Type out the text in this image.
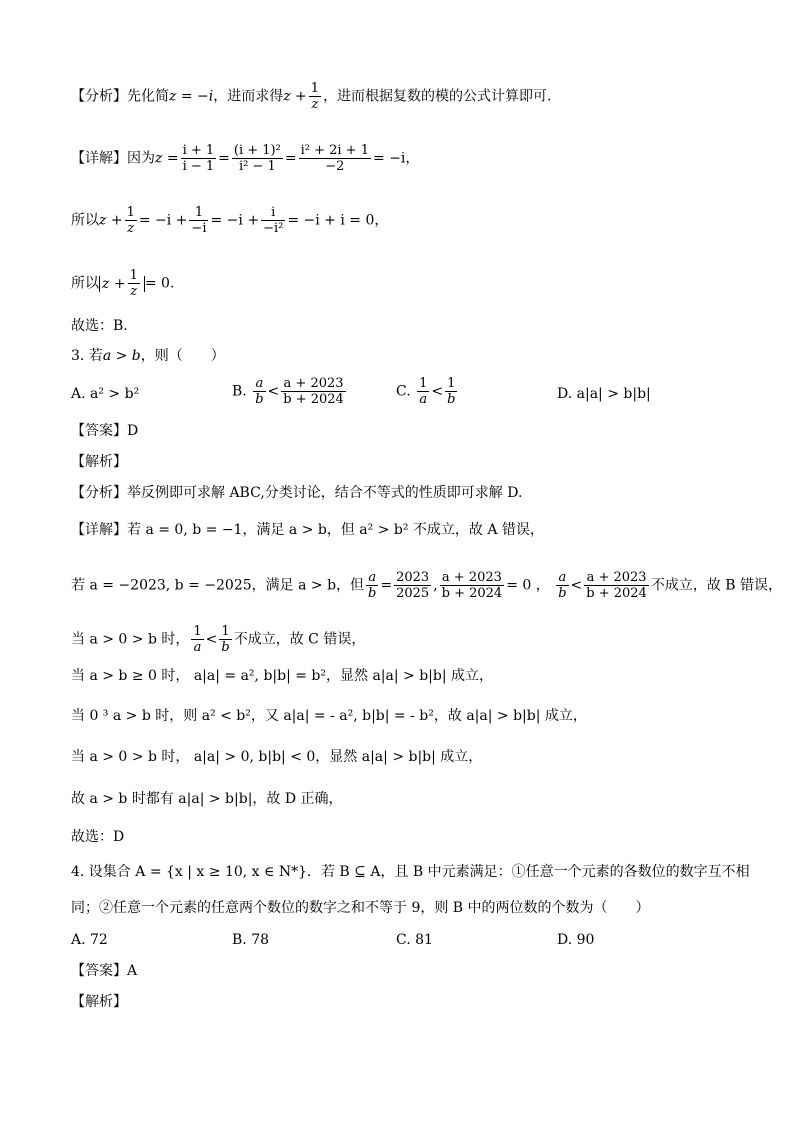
【分析】先化简z = −i，进而求得$z + \frac{1}{z}$ ，进而根据复数的模的公式计算即可.
【详解】因为$z = \frac{i + 1}{i - 1} = \frac{\text{(i + 1)²}}{\text{i² − 1}} = \frac{\text{i² + 2i + 1}}{-2} = -i$，
所以$z + \frac{1}{z} = -i + \frac{1}{-i} = -i + \frac{i}{\text{−i²}} = -i + i = 0$，
所以 $z + \frac{1}{z} = 0$.
故选：B.
3. 若a > b，则（　　）
A. a² > b²	B. $\frac{a}{b} < \frac{a + 2023}{b + 2024}$	C. $\frac{1}{a} < \frac{1}{b}$	D. a|a| > b|b|
【答案】D
【解析】
【分析】举反例即可求解 ABC,分类讨论，结合不等式的性质即可求解 D.
【详解】若 a = 0, b = −1，满足 a > b，但 a² > b² 不成立，故 A 错误，
若 a = −2023, b = −2025，满足 a > b，但 $\frac{a}{b} = \frac{2023}{2025}$ , $\frac{a + 2023}{b + 2024} = 0$ ， $\frac{a}{b} < \frac{a + 2023}{b + 2024}$ 不成立，故 B 错误，
当 a > 0 > b 时， $\frac{1}{a} < \frac{1}{b}$ 不成立，故 C 错误，
当 a > b ≥ 0 时， a|a| = a², b|b| = b²，显然 a|a| > b|b| 成立，
当 0 ³ a > b 时，则 a² < b²，又 a|a| = - a², b|b| = - b²，故 a|a| > b|b| 成立，
当 a > 0 > b 时， a|a| > 0, b|b| < 0，显然 a|a| > b|b| 成立，
故 a > b 时都有 a|a| > b|b|，故 D 正确，
故选：D
4. 设集合 A = {x | x ≥ 10, x ∈ N*}．若 B ⊆ A，且 B 中元素满足：①任意一个元素的各数位的数字互不相
同；②任意一个元素的任意两个数位的数字之和不等于 9，则 B 中的两位数的个数为（　　）
A. 72	B. 78	C. 81	D. 90
【答案】A
【解析】
